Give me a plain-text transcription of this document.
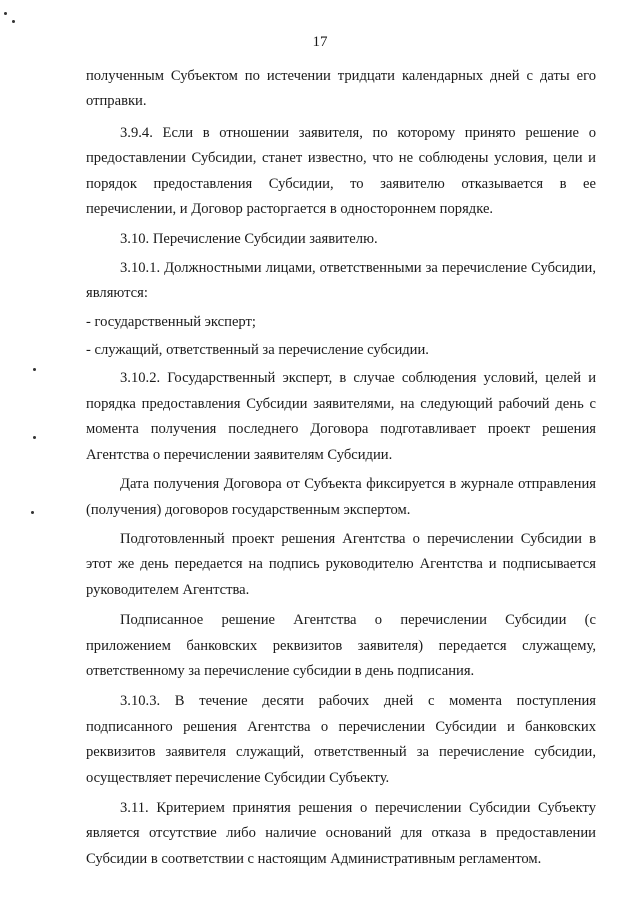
17

полученным Субъектом по истечении тридцати календарных дней с даты его отправки.

3.9.4. Если в отношении заявителя, по которому принято решение о предоставлении Субсидии, станет известно, что не соблюдены условия, цели и порядок предоставления Субсидии, то заявителю отказывается в ее перечислении, и Договор расторгается в одностороннем порядке.

3.10. Перечисление Субсидии заявителю.

3.10.1. Должностными лицами, ответственными за перечисление Субсидии, являются:

- государственный эксперт;

- служащий, ответственный за перечисление субсидии.

3.10.2. Государственный эксперт, в случае соблюдения условий, целей и порядка предоставления Субсидии заявителями, на следующий рабочий день с момента получения последнего Договора подготавливает проект решения Агентства о перечислении заявителям Субсидии.

Дата получения Договора от Субъекта фиксируется в журнале отправления (получения) договоров государственным экспертом.

Подготовленный проект решения Агентства о перечислении Субсидии в этот же день передается на подпись руководителю Агентства и подписывается руководителем Агентства.

Подписанное решение Агентства о перечислении Субсидии (с приложением банковских реквизитов заявителя) передается служащему, ответственному за перечисление субсидии в день подписания.

3.10.3. В течение десяти рабочих дней с момента поступления подписанного решения Агентства о перечислении Субсидии и банковских реквизитов заявителя служащий, ответственный за перечисление субсидии, осуществляет перечисление Субсидии Субъекту.

3.11. Критерием принятия решения о перечислении Субсидии Субъекту является отсутствие либо наличие оснований для отказа в предоставлении Субсидии в соответствии с настоящим Административным регламентом.
